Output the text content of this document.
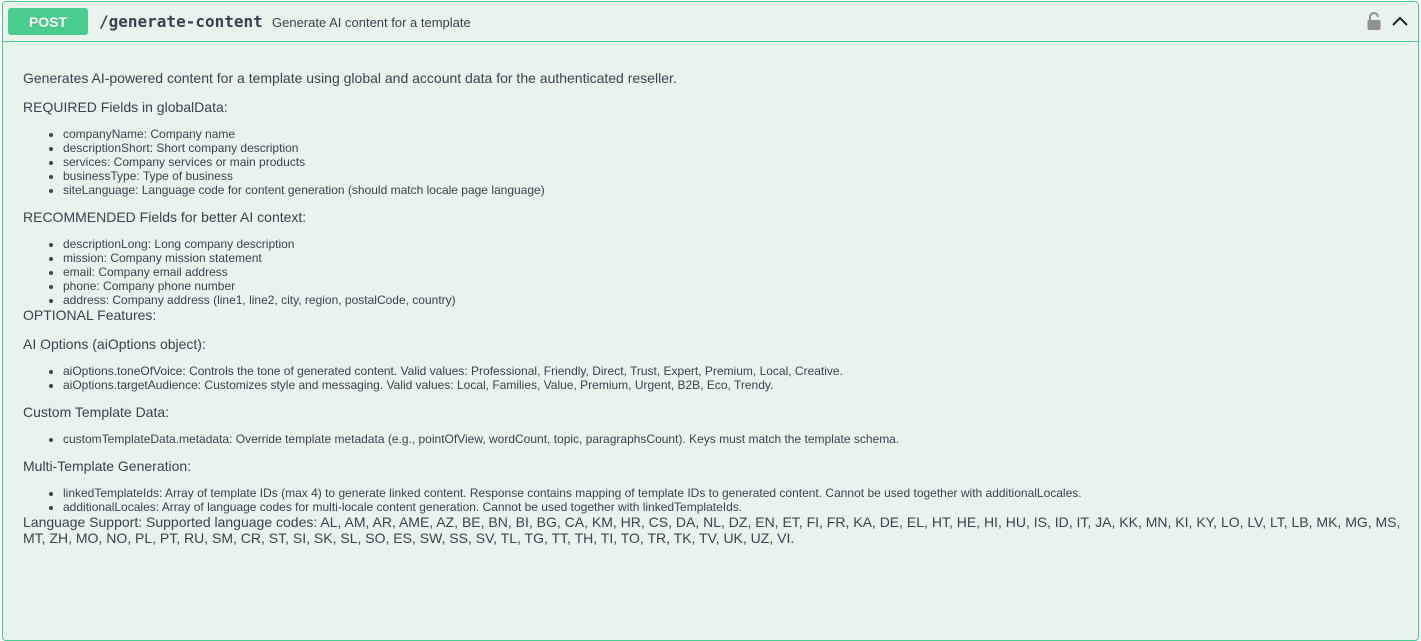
POST	/generate-content Generate AI content for a template

Generates AI-powered content for a template using global and account data for the authenticated reseller.

REQUIRED Fields in globalData:

• companyName: Company name
• descriptionShort: Short company description
• services: Company services or main products
• businessType: Type of business
• siteLanguage: Language code for content generation (should match locale page language)

RECOMMENDED Fields for better AI context:

• descriptionLong: Long company description
• mission: Company mission statement
• email: Company email address
• phone: Company phone number
• address: Company address (line1, line2, city, region, postalCode, country)

OPTIONAL Features:

AI Options (aiOptions object):

• aiOptions.toneOfVoice: Controls the tone of generated content. Valid values: Professional, Friendly, Direct, Trust, Expert, Premium, Local, Creative.
• aiOptions.targetAudience: Customizes style and messaging. Valid values: Local, Families, Value, Premium, Urgent, B2B, Eco, Trendy.

Custom Template Data:

• customTemplateData.metadata: Override template metadata (e.g., pointOfView, wordCount, topic, paragraphsCount). Keys must match the template schema.

Multi-Template Generation:

• linkedTemplateIds: Array of template IDs (max 4) to generate linked content. Response contains mapping of template IDs to generated content. Cannot be used together with additionalLocales.
• additionalLocales: Array of language codes for multi-locale content generation. Cannot be used together with linkedTemplateIds.

Language Support: Supported language codes: AL, AM, AR, AME, AZ, BE, BN, BI, BG, CA, KM, HR, CS, DA, NL, DZ, EN, ET, FI, FR, KA, DE, EL, HT, HE, HI, HU, IS, ID, IT, JA, KK, MN, KI, KY, LO, LV, LT, LB, MK, MG, MS, MT, ZH, MO, NO, PL, PT, RU, SM, CR, ST, SI, SK, SL, SO, ES, SW, SS, SV, TL, TG, TT, TH, TI, TO, TR, TK, TV, UK, UZ, VI.
